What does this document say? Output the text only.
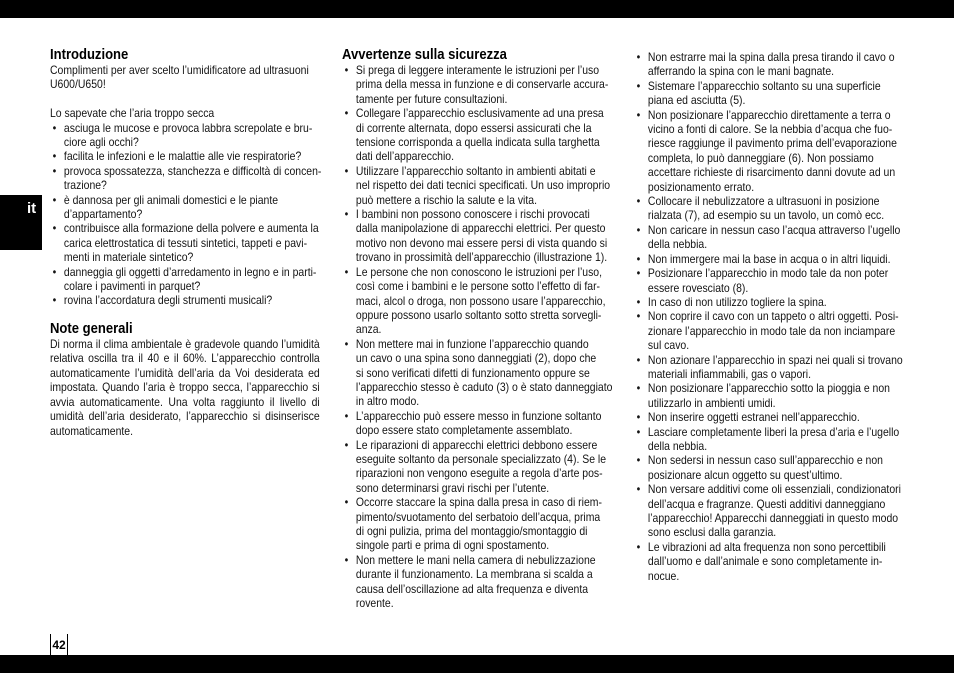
it
42
Introduzione
Complimenti per aver scelto l’umidificatore ad ultrasuoni
U600/U650!
Lo sapevate che l’aria troppo secca
• asciuga le mucose e provoca labbra screpolate e bru-
ciore agli occhi?
• facilita le infezioni e le malattie alle vie respiratorie?
• provoca spossatezza, stanchezza e difficoltà di concen-
trazione?
• è dannosa per gli animali domestici e le piante
d’appartamento?
• contribuisce alla formazione della polvere e aumenta la
carica elettrostatica di tessuti sintetici, tappeti e pavi-
menti in materiale sintetico?
• danneggia gli oggetti d’arredamento in legno e in parti-
colare i pavimenti in parquet?
• rovina l’accordatura degli strumenti musicali?
Note generali
Di norma il clima ambientale è gradevole quando l’umidità
relativa oscilla tra il 40 e il 60%. L’apparecchio controlla
automaticamente l’umidità dell’aria da Voi desiderata ed
impostata. Quando l’aria è troppo secca, l’apparecchio si
avvia automaticamente. Una volta raggiunto il livello di
umidità dell’aria desiderato, l’apparecchio si disinserisce
automaticamente.
Avvertenze sulla sicurezza
• Si prega di leggere interamente le istruzioni per l’uso
prima della messa in funzione e di conservarle accura-
tamente per future consultazioni.
• Collegare l’apparecchio esclusivamente ad una presa
di corrente alternata, dopo essersi assicurati che la
tensione corrisponda a quella indicata sulla targhetta
dati dell’apparecchio.
• Utilizzare l’apparecchio soltanto in ambienti abitati e
nel rispetto dei dati tecnici specificati. Un uso improprio
può mettere a rischio la salute e la vita.
• I bambini non possono conoscere i rischi provocati
dalla manipolazione di apparecchi elettrici. Per questo
motivo non devono mai essere persi di vista quando si
trovano in prossimità dell’apparecchio (illustrazione 1).
• Le persone che non conoscono le istruzioni per l’uso,
così come i bambini e le persone sotto l’effetto di far-
maci, alcol o droga, non possono usare l’apparecchio,
oppure possono usarlo soltanto sotto stretta sorvegli-
anza.
• Non mettere mai in funzione l’apparecchio quando
un cavo o una spina sono danneggiati (2), dopo che
si sono verificati difetti di funzionamento oppure se
l’apparecchio stesso è caduto (3) o è stato danneggiato
in altro modo.
• L’apparecchio può essere messo in funzione soltanto
dopo essere stato completamente assemblato.
• Le riparazioni di apparecchi elettrici debbono essere
eseguite soltanto da personale specializzato (4). Se le
riparazioni non vengono eseguite a regola d’arte pos-
sono determinarsi gravi rischi per l’utente.
• Occorre staccare la spina dalla presa in caso di riem-
pimento/svuotamento del serbatoio dell’acqua, prima
di ogni pulizia, prima del montaggio/smontaggio di
singole parti e prima di ogni spostamento.
• Non mettere le mani nella camera di nebulizzazione
durante il funzionamento. La membrana si scalda a
causa dell’oscillazione ad alta frequenza e diventa
rovente.
• Non estrarre mai la spina dalla presa tirando il cavo o
afferrando la spina con le mani bagnate.
• Sistemare l’apparecchio soltanto su una superficie
piana ed asciutta (5).
• Non posizionare l’apparecchio direttamente a terra o
vicino a fonti di calore. Se la nebbia d’acqua che fuo-
riesce raggiunge il pavimento prima dell’evaporazione
completa, lo può danneggiare (6). Non possiamo
accettare richieste di risarcimento danni dovute ad un
posizionamento errato.
• Collocare il nebulizzatore a ultrasuoni in posizione
rialzata (7), ad esempio su un tavolo, un comò ecc.
• Non caricare in nessun caso l’acqua attraverso l’ugello
della nebbia.
• Non immergere mai la base in acqua o in altri liquidi.
• Posizionare l’apparecchio in modo tale da non poter
essere rovesciato (8).
• In caso di non utilizzo togliere la spina.
• Non coprire il cavo con un tappeto o altri oggetti. Posi-
zionare l’apparecchio in modo tale da non inciampare
sul cavo.
• Non azionare l’apparecchio in spazi nei quali si trovano
materiali infiammabili, gas o vapori.
• Non posizionare l’apparecchio sotto la pioggia e non
utilizzarlo in ambienti umidi.
• Non inserire oggetti estranei nell’apparecchio.
• Lasciare completamente liberi la presa d’aria e l’ugello
della nebbia.
• Non sedersi in nessun caso sull’apparecchio e non
posizionare alcun oggetto su quest’ultimo.
• Non versare additivi come oli essenziali, condizionatori
dell’acqua e fragranze. Questi additivi danneggiano
l’apparecchio! Apparecchi danneggiati in questo modo
sono esclusi dalla garanzia.
• Le vibrazioni ad alta frequenza non sono percettibili
dall’uomo e dall’animale e sono completamente in-
nocue.
